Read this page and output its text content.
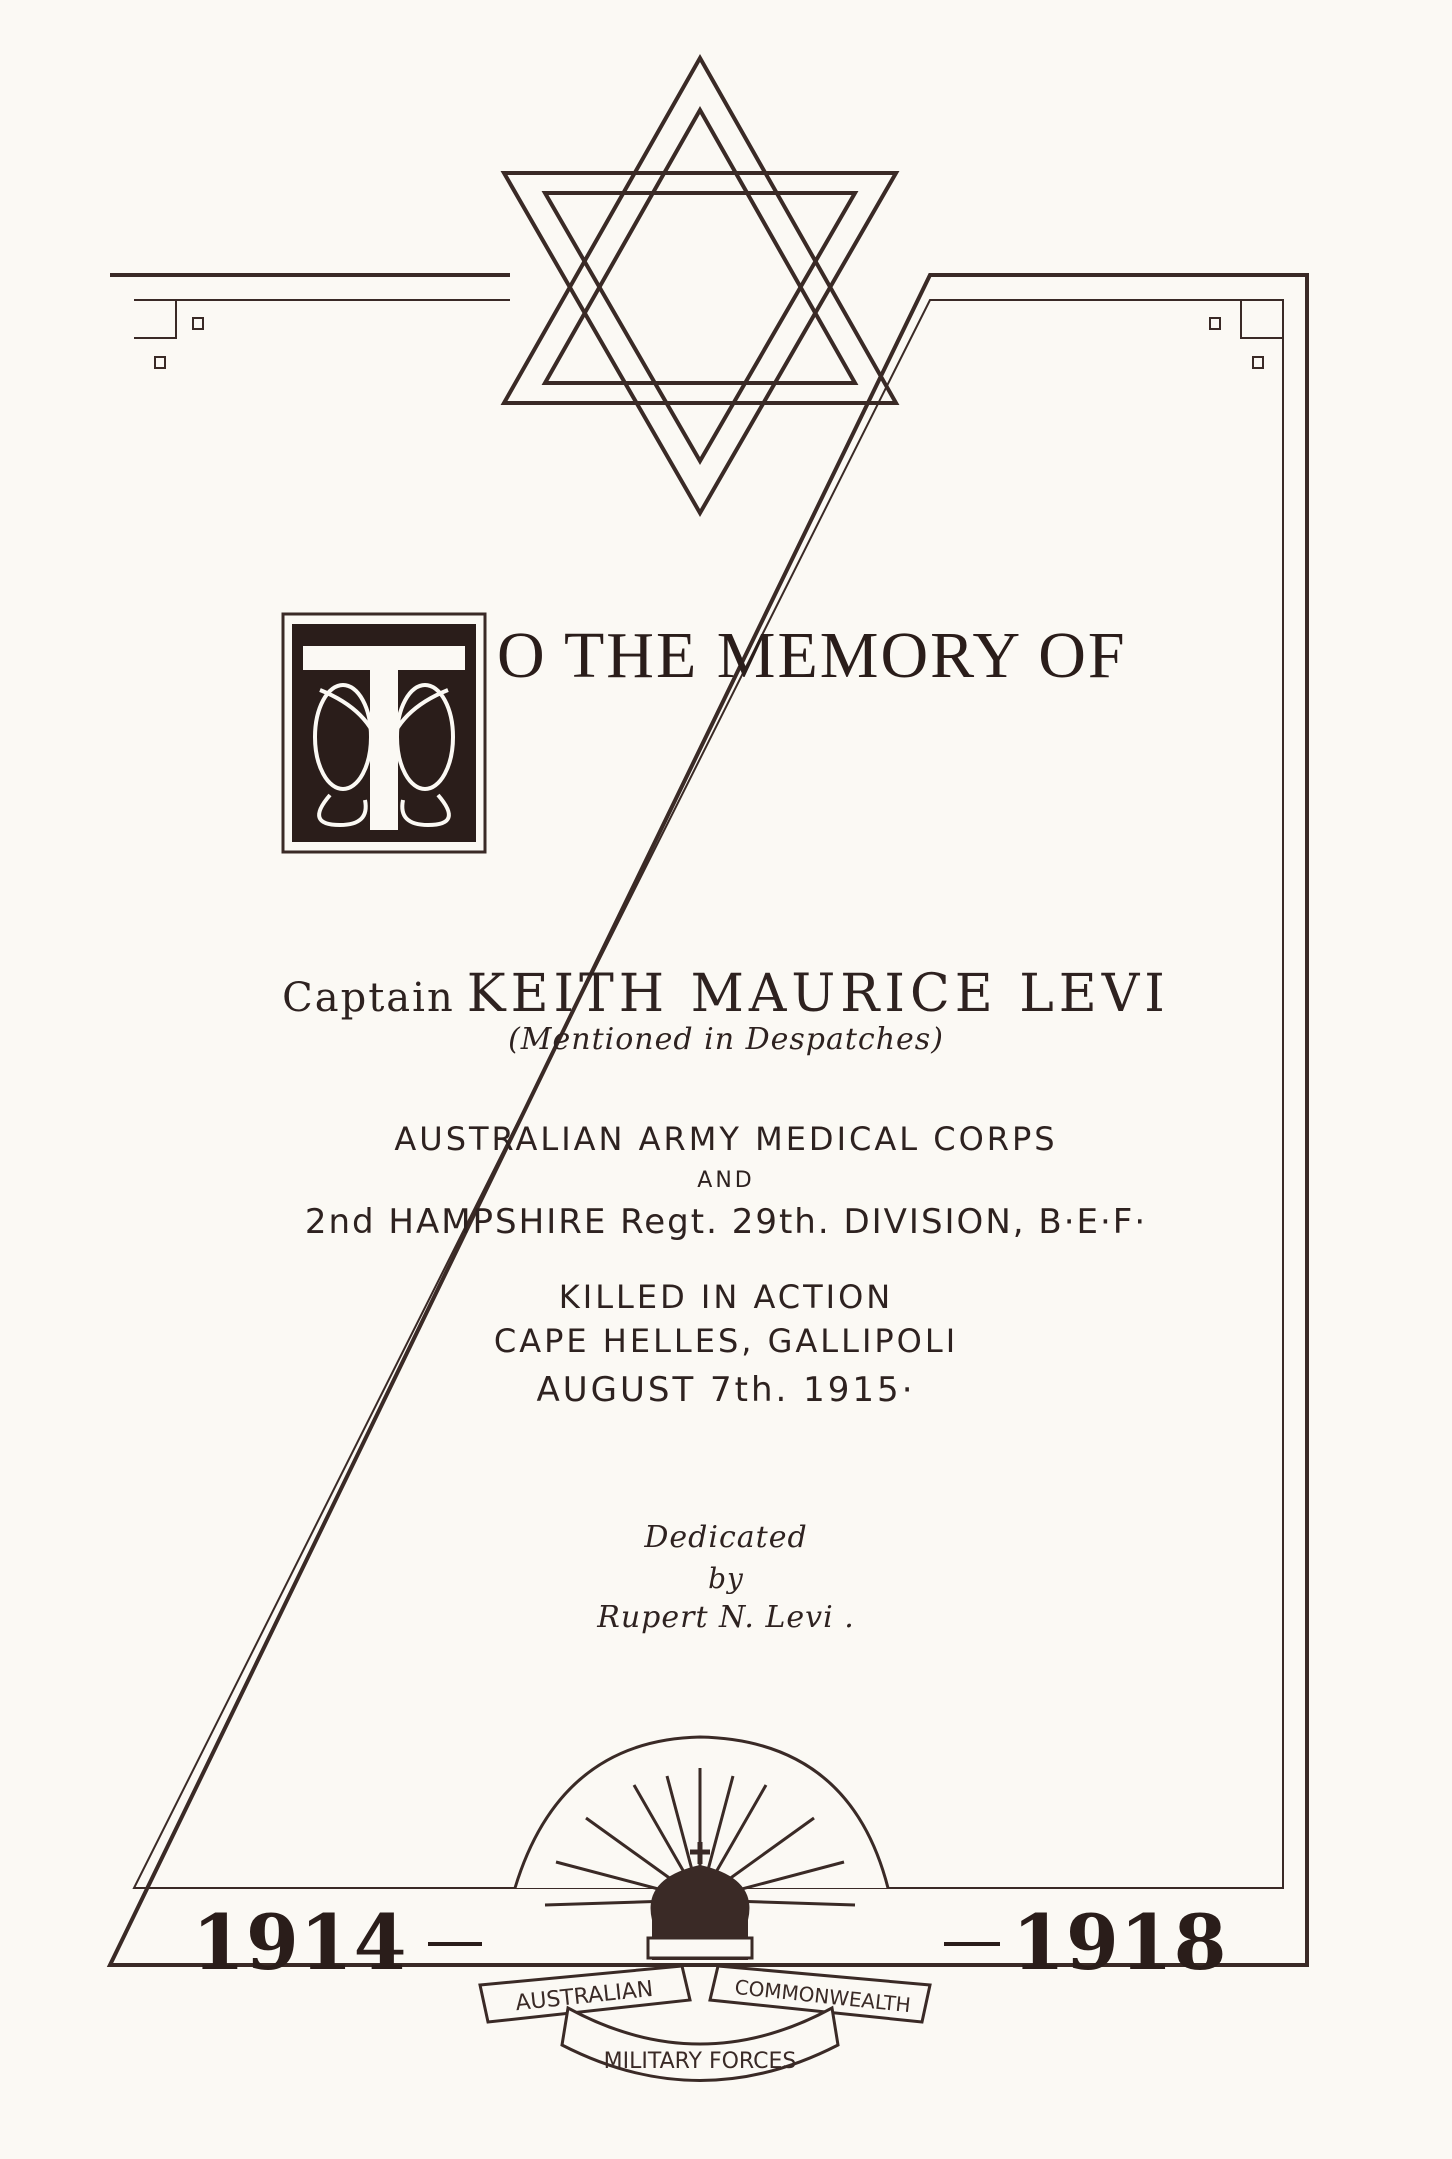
AUSTRALIAN	COMMONWEALTH
MILITARY FORCES
O THE MEMORY OF
Captain KEITH MAURICE LEVI
(Mentioned in Despatches)
AUSTRALIAN ARMY MEDICAL CORPS
AND
2nd HAMPSHIRE Regt. 29th. DIVISION, B·E·F·
KILLED IN ACTION
CAPE HELLES, GALLIPOLI
AUGUST 7th. 1915·
Dedicated
by
Rupert N. Levi .
1914	1918
